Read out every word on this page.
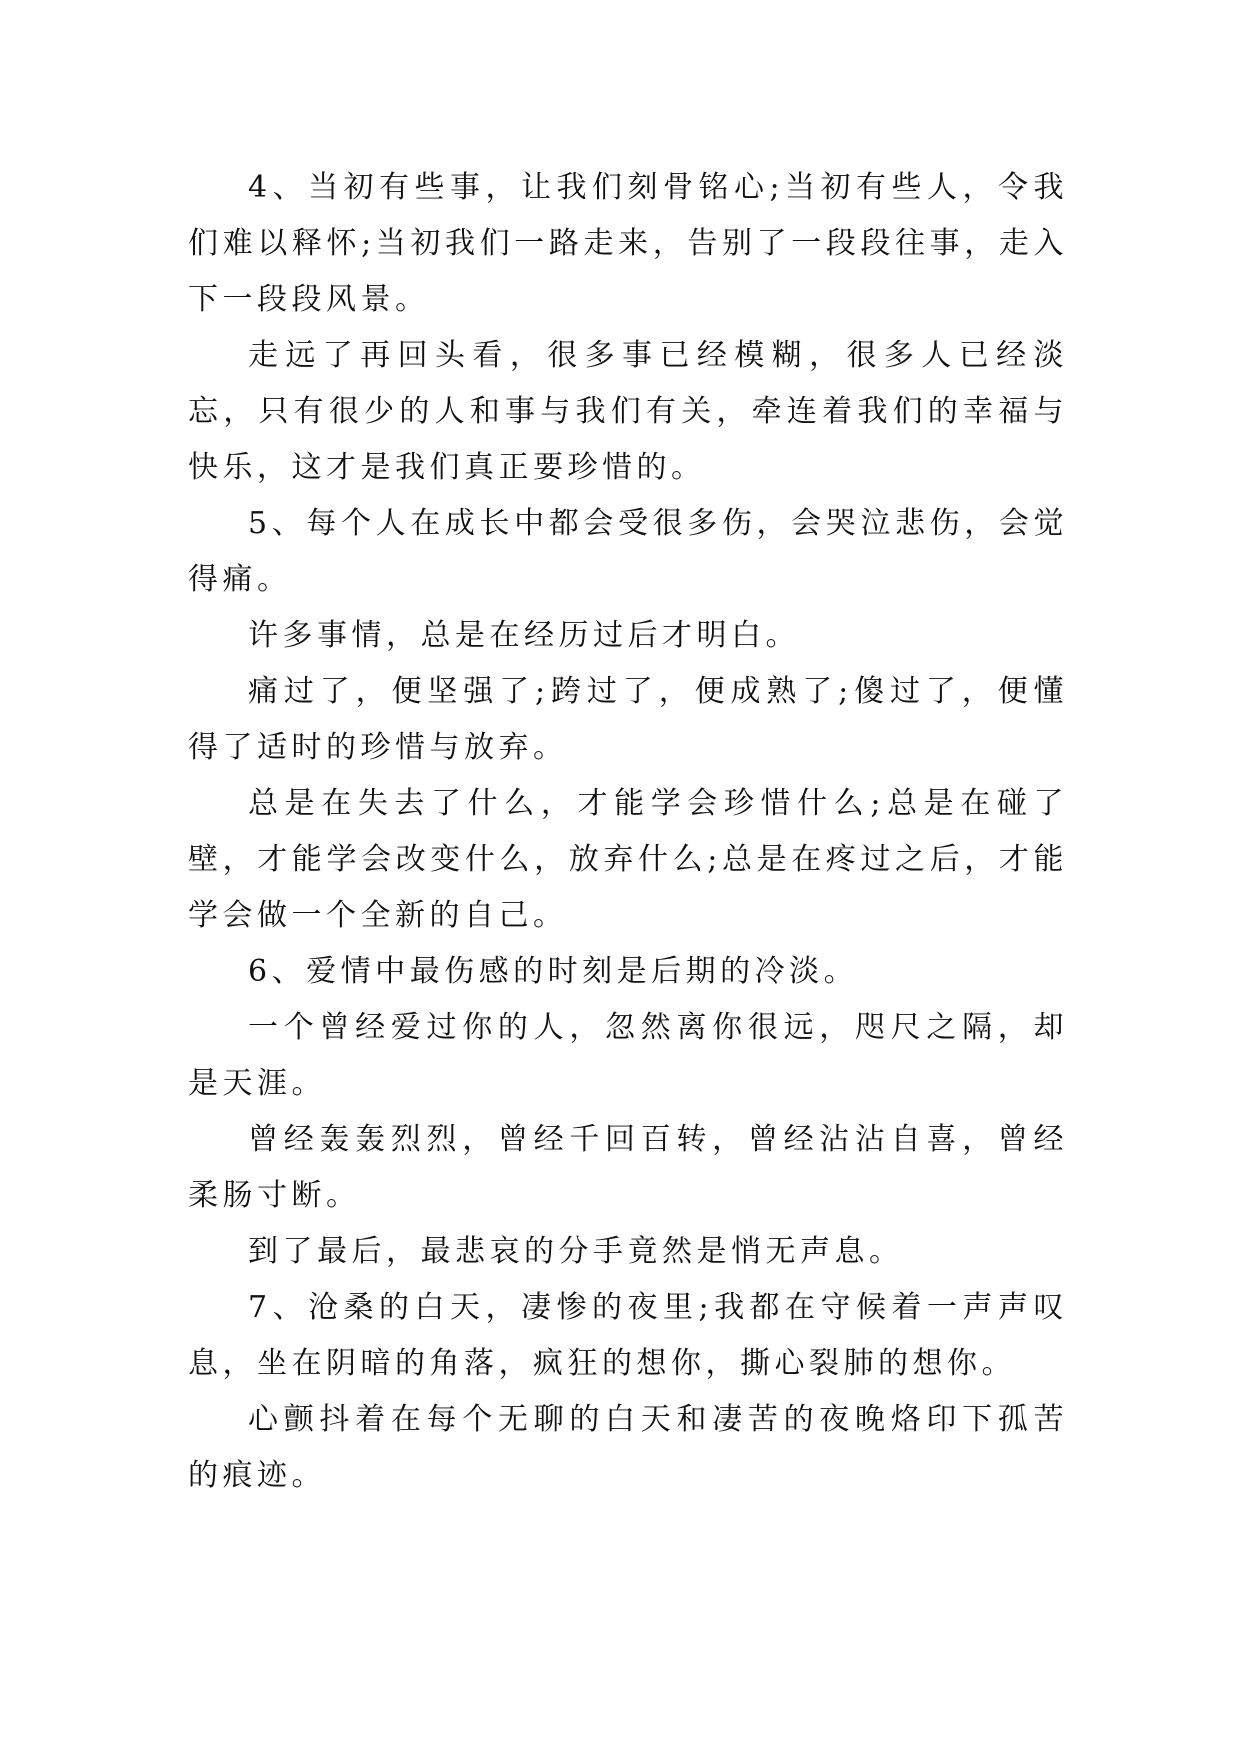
4、当初有些事，让我们刻骨铭心;当初有些人，令我们难以释怀;当初我们一路走来，告别了一段段往事，走入下一段段风景。

走远了再回头看，很多事已经模糊，很多人已经淡忘，只有很少的人和事与我们有关，牵连着我们的幸福与快乐，这才是我们真正要珍惜的。

5、每个人在成长中都会受很多伤，会哭泣悲伤，会觉得痛。

许多事情，总是在经历过后才明白。

痛过了，便坚强了;跨过了，便成熟了;傻过了，便懂得了适时的珍惜与放弃。

总是在失去了什么，才能学会珍惜什么;总是在碰了壁，才能学会改变什么，放弃什么;总是在疼过之后，才能学会做一个全新的自己。

6、爱情中最伤感的时刻是后期的冷淡。

一个曾经爱过你的人，忽然离你很远，咫尺之隔，却是天涯。

曾经轰轰烈烈，曾经千回百转，曾经沾沾自喜，曾经柔肠寸断。

到了最后，最悲哀的分手竟然是悄无声息。

7、沧桑的白天，凄惨的夜里;我都在守候着一声声叹息，坐在阴暗的角落，疯狂的想你，撕心裂肺的想你。

心颤抖着在每个无聊的白天和凄苦的夜晚烙印下孤苦的痕迹。
